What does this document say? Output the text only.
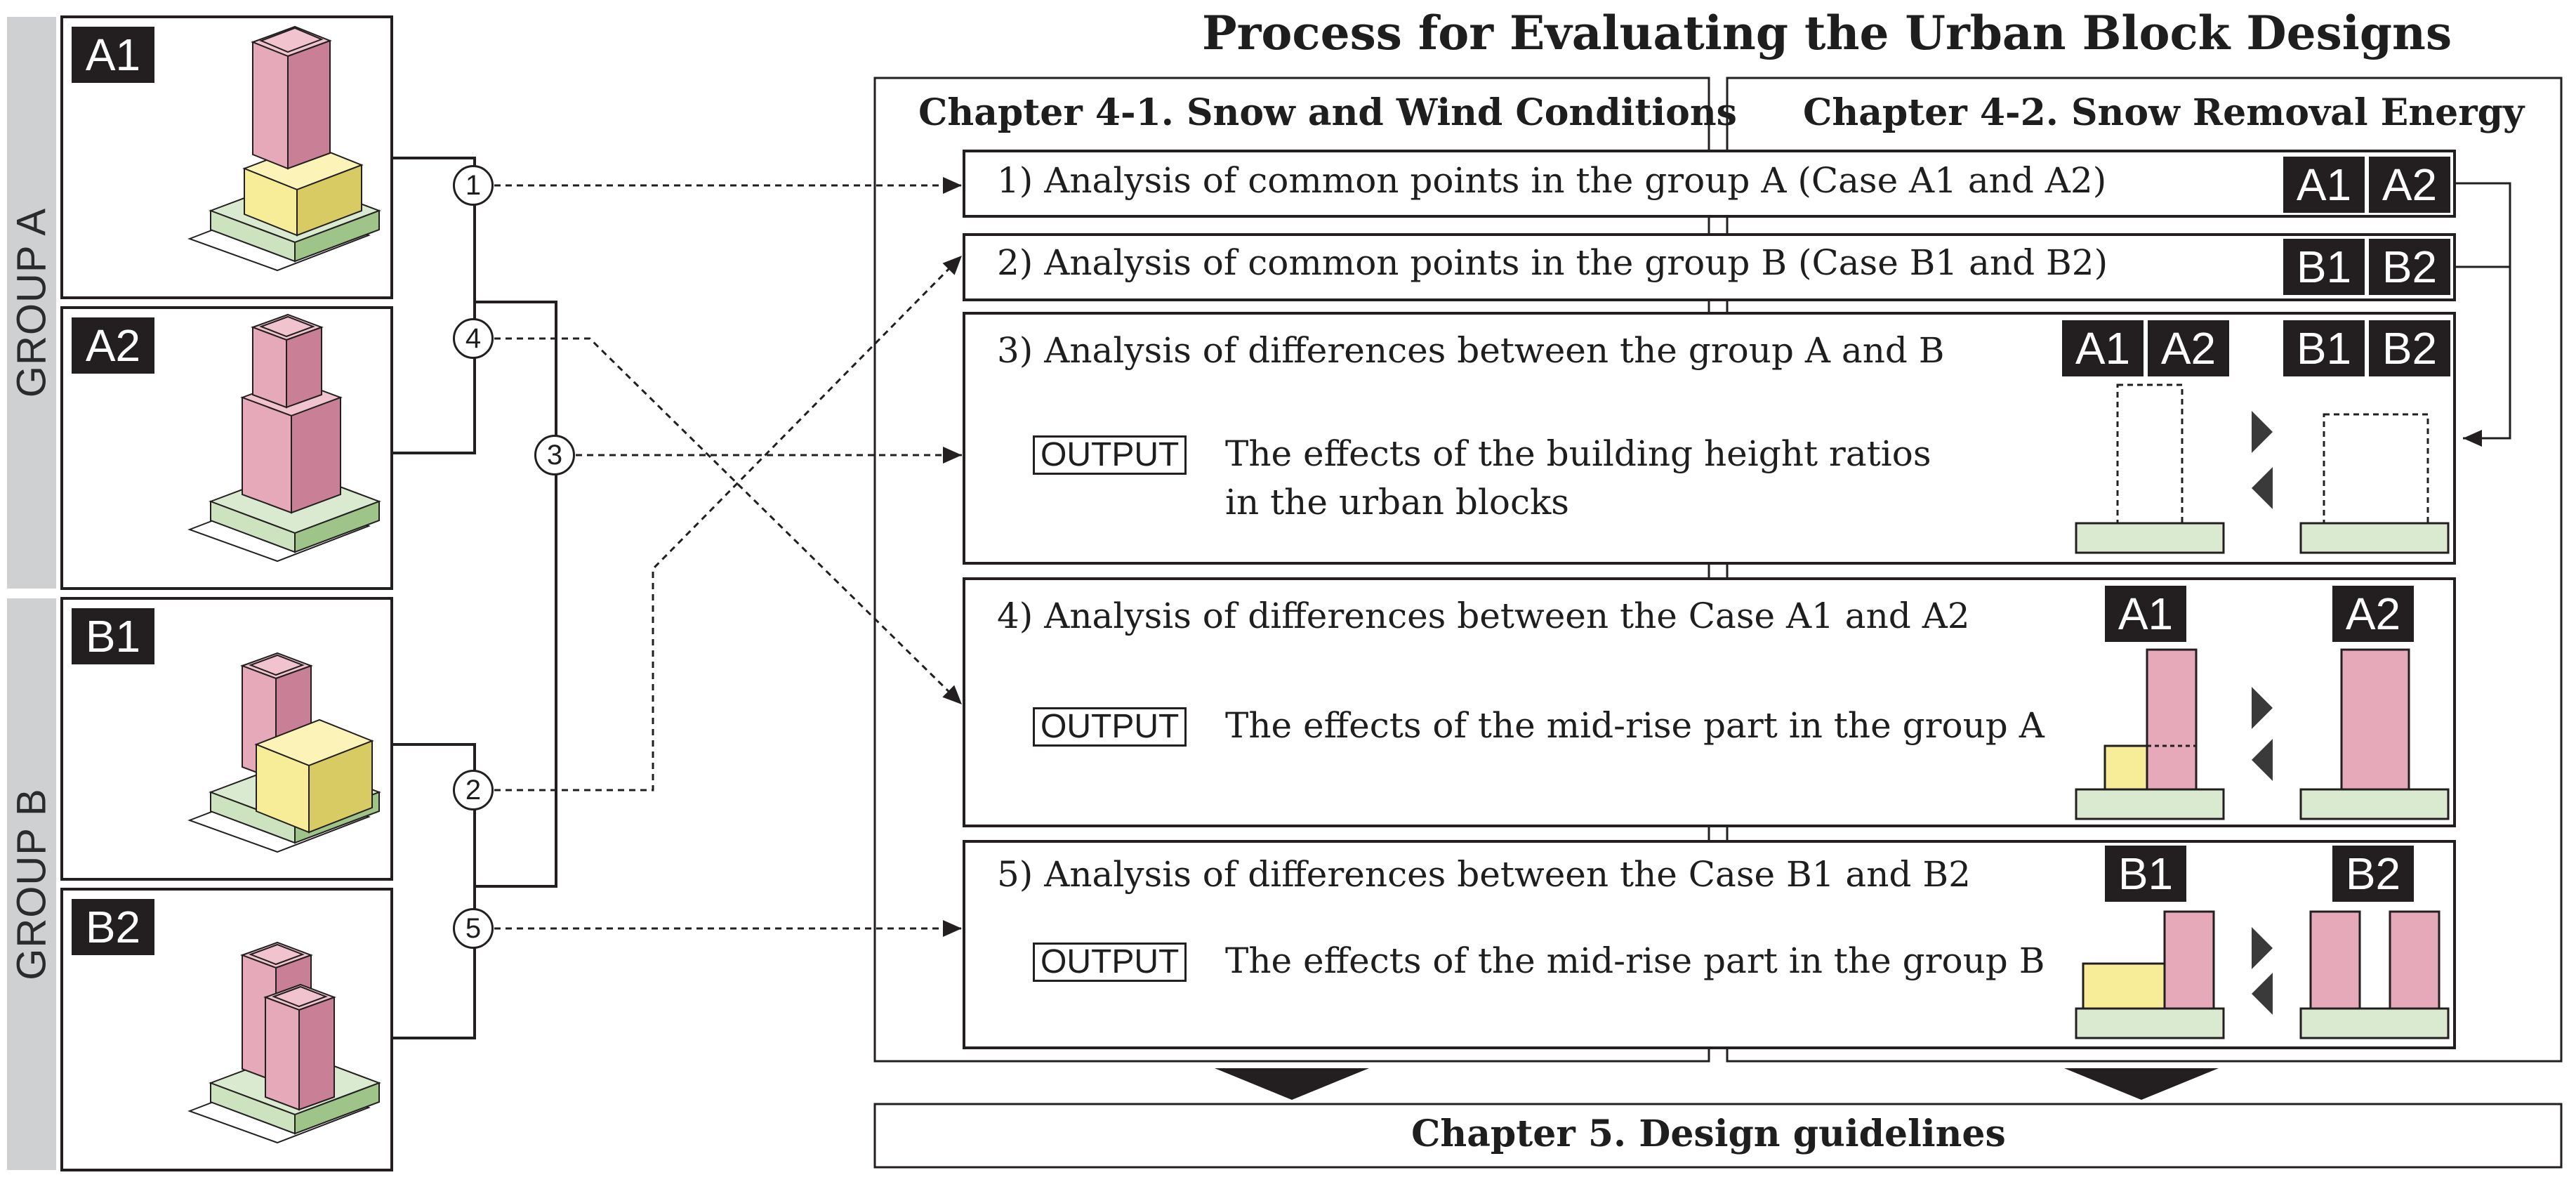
GROUP A
GROUP B
A1
A2
B1
B2
1
4
3
2
5
Process for Evaluating the Urban Block Designs
Chapter 4-1. Snow and Wind Conditions Chapter 4-2. Snow Removal Energy
Chapter 5. Design guidelines
1) Analysis of common points in the group A (Case A1 and A2)	A1 A2
2) Analysis of common points in the group B (Case B1 and B2)	B1 B2
3) Analysis of differences between the group A and B	A1 A2 B1 B2
OUTPUT The effects of the building height ratios
in the urban blocks
4) Analysis of differences between the Case A1 and A2	A1	A2
OUTPUT The effects of the mid-rise part in the group A
5) Analysis of differences between the Case B1 and B2	B1	B2
OUTPUT The effects of the mid-rise part in the group B
